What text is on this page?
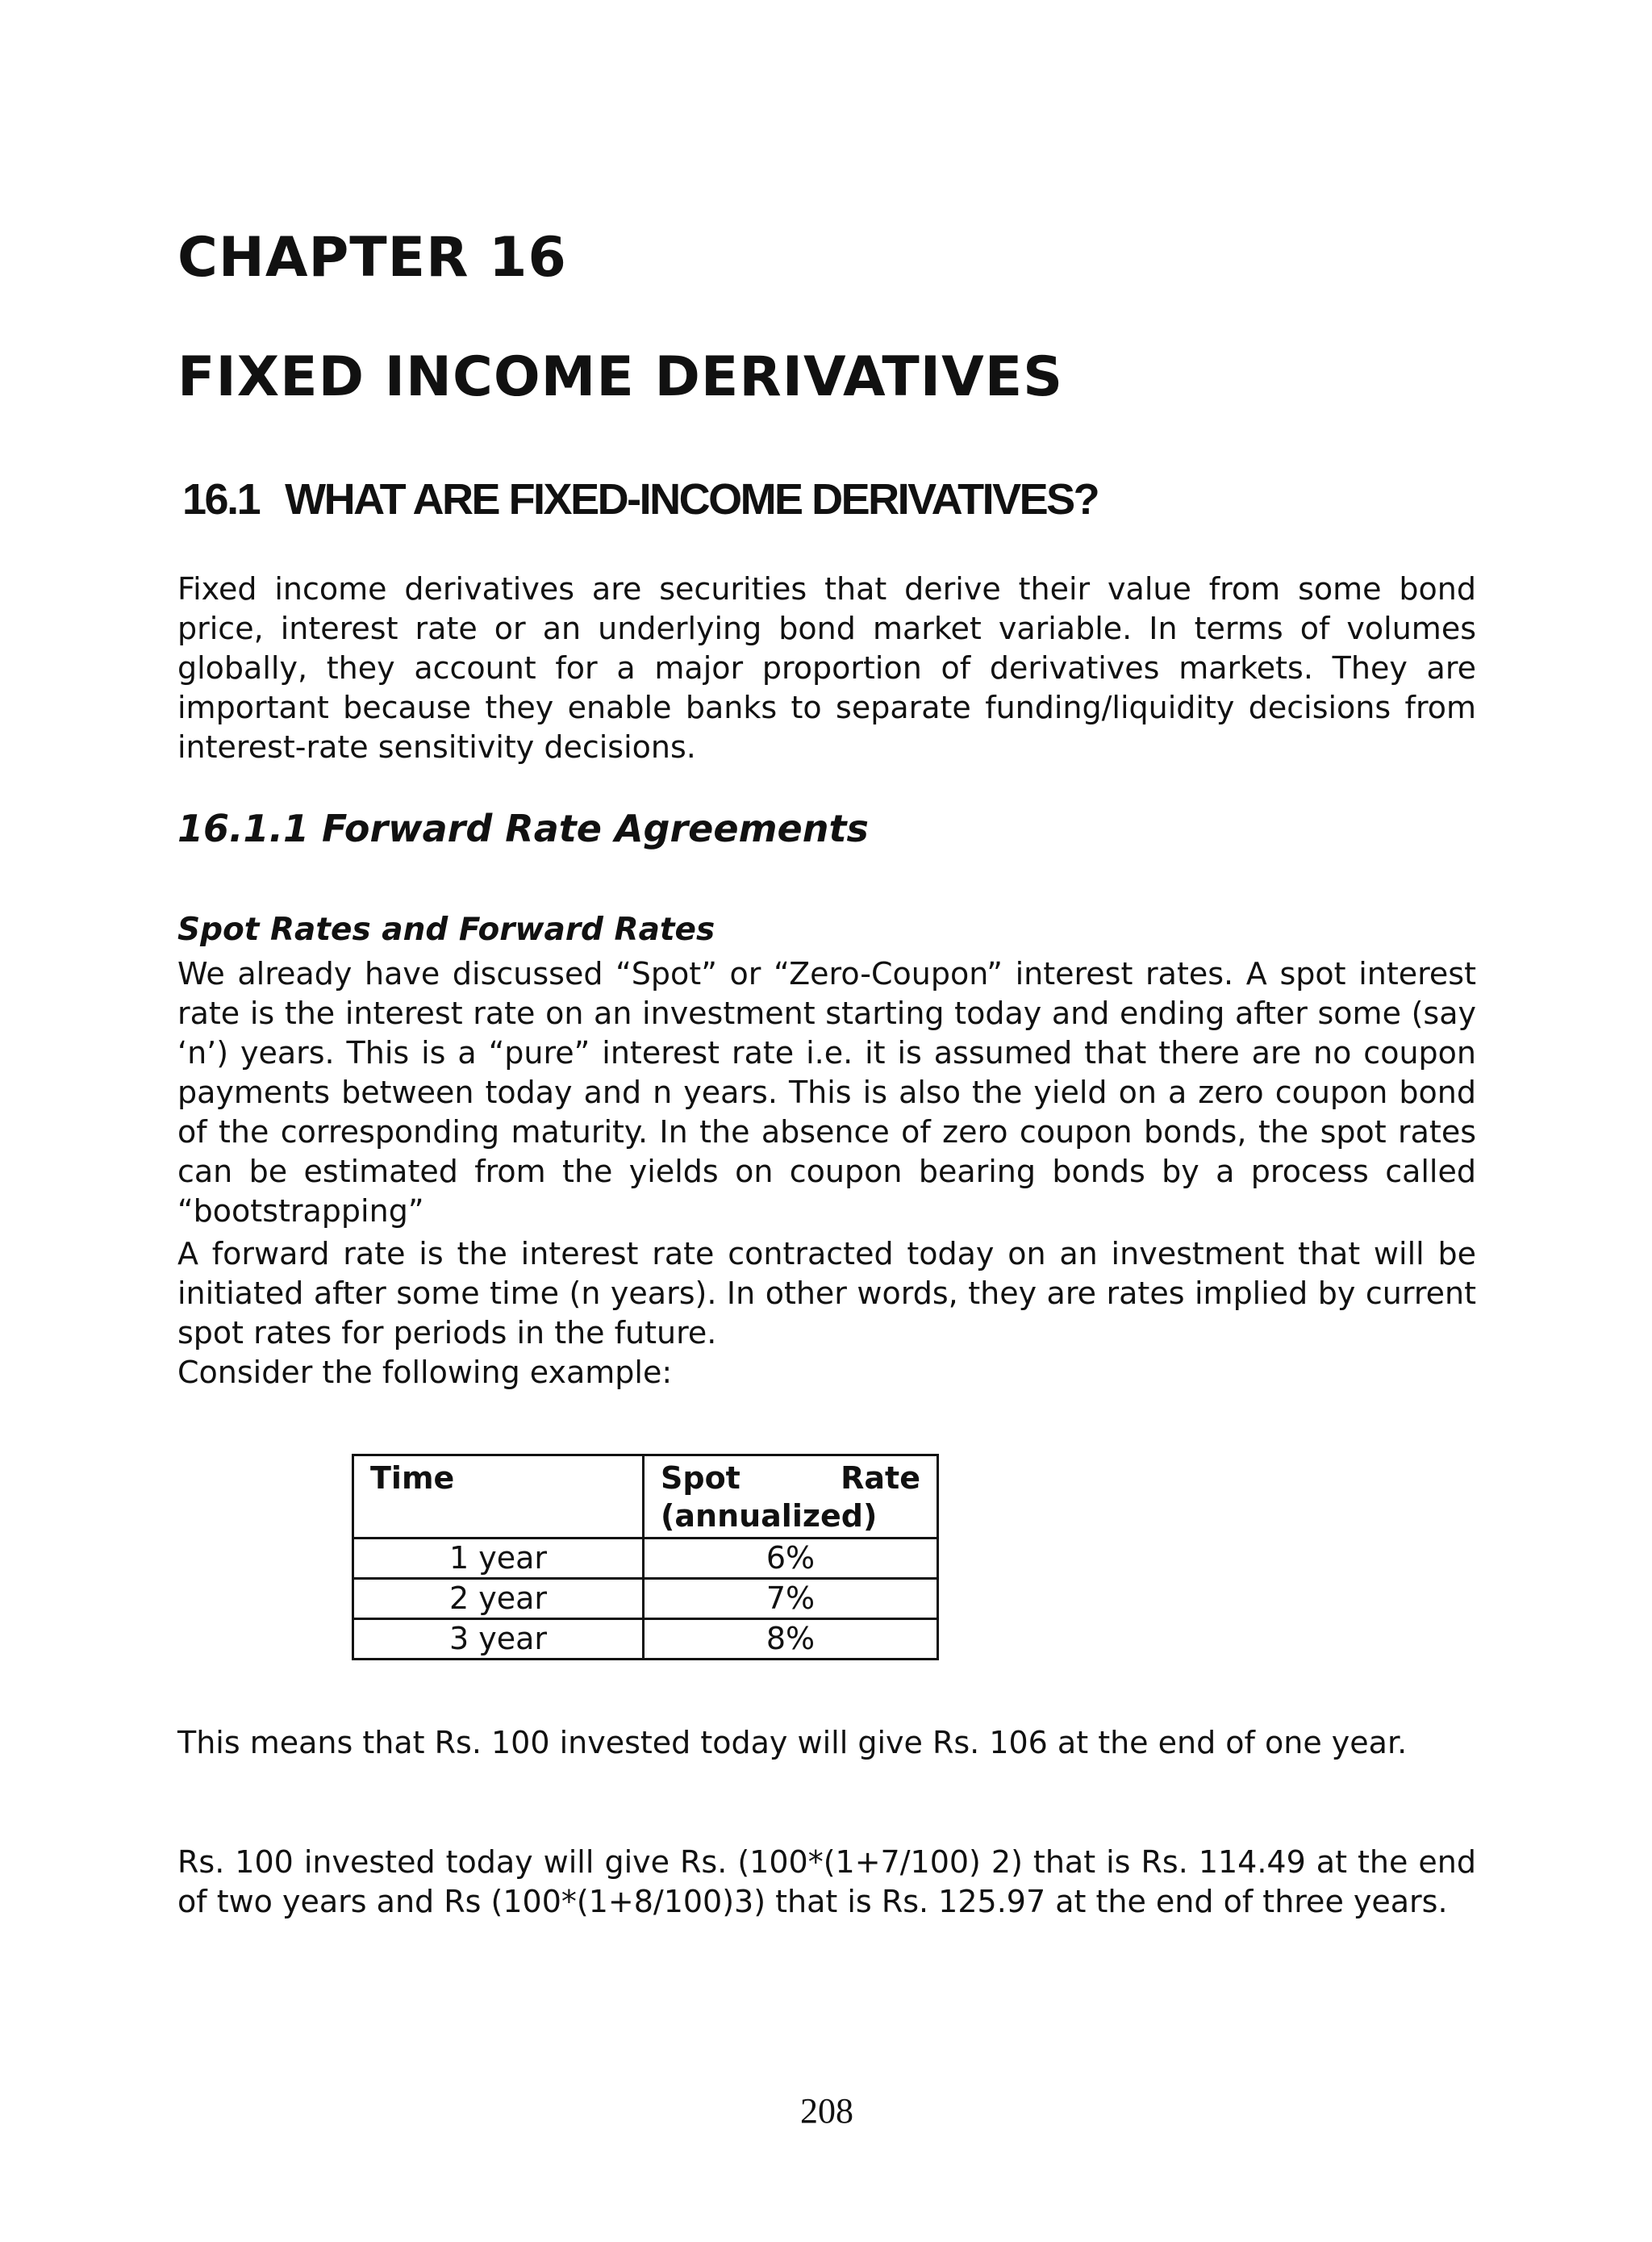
CHAPTER 16
FIXED INCOME DERIVATIVES
16.1 WHAT ARE FIXED-INCOME DERIVATIVES?

Fixed income derivatives are securities that derive their value from some bond price, interest rate or an underlying bond market variable. In terms of volumes globally, they account for a major proportion of derivatives markets. They are important because they enable banks to separate funding/liquidity decisions from interest-rate sensitivity decisions.

16.1.1 Forward Rate Agreements
Spot Rates and Forward Rates

We already have discussed “Spot” or “Zero-Coupon” interest rates. A spot interest rate is the interest rate on an investment starting today and ending after some (say ‘n’) years. This is a “pure” interest rate i.e. it is assumed that there are no coupon payments between today and n years. This is also the yield on a zero coupon bond of the corresponding maturity. In the absence of zero coupon bonds, the spot rates can be estimated from the yields on coupon bearing bonds by a process called “bootstrapping”

A forward rate is the interest rate contracted today on an investment that will be initiated after some time (n years). In other words, they are rates implied by current spot rates for periods in the future.

Consider the following example:

Time	Spot Rate
(annualized)

1 year	6%
2 year	7%
3 year	8%

This means that Rs. 100 invested today will give Rs. 106 at the end of one year.

Rs. 100 invested today will give Rs. (100*(1+7/100) 2) that is Rs. 114.49 at the end of two years and Rs (100*(1+8/100)3) that is Rs. 125.97 at the end of three years.

208
